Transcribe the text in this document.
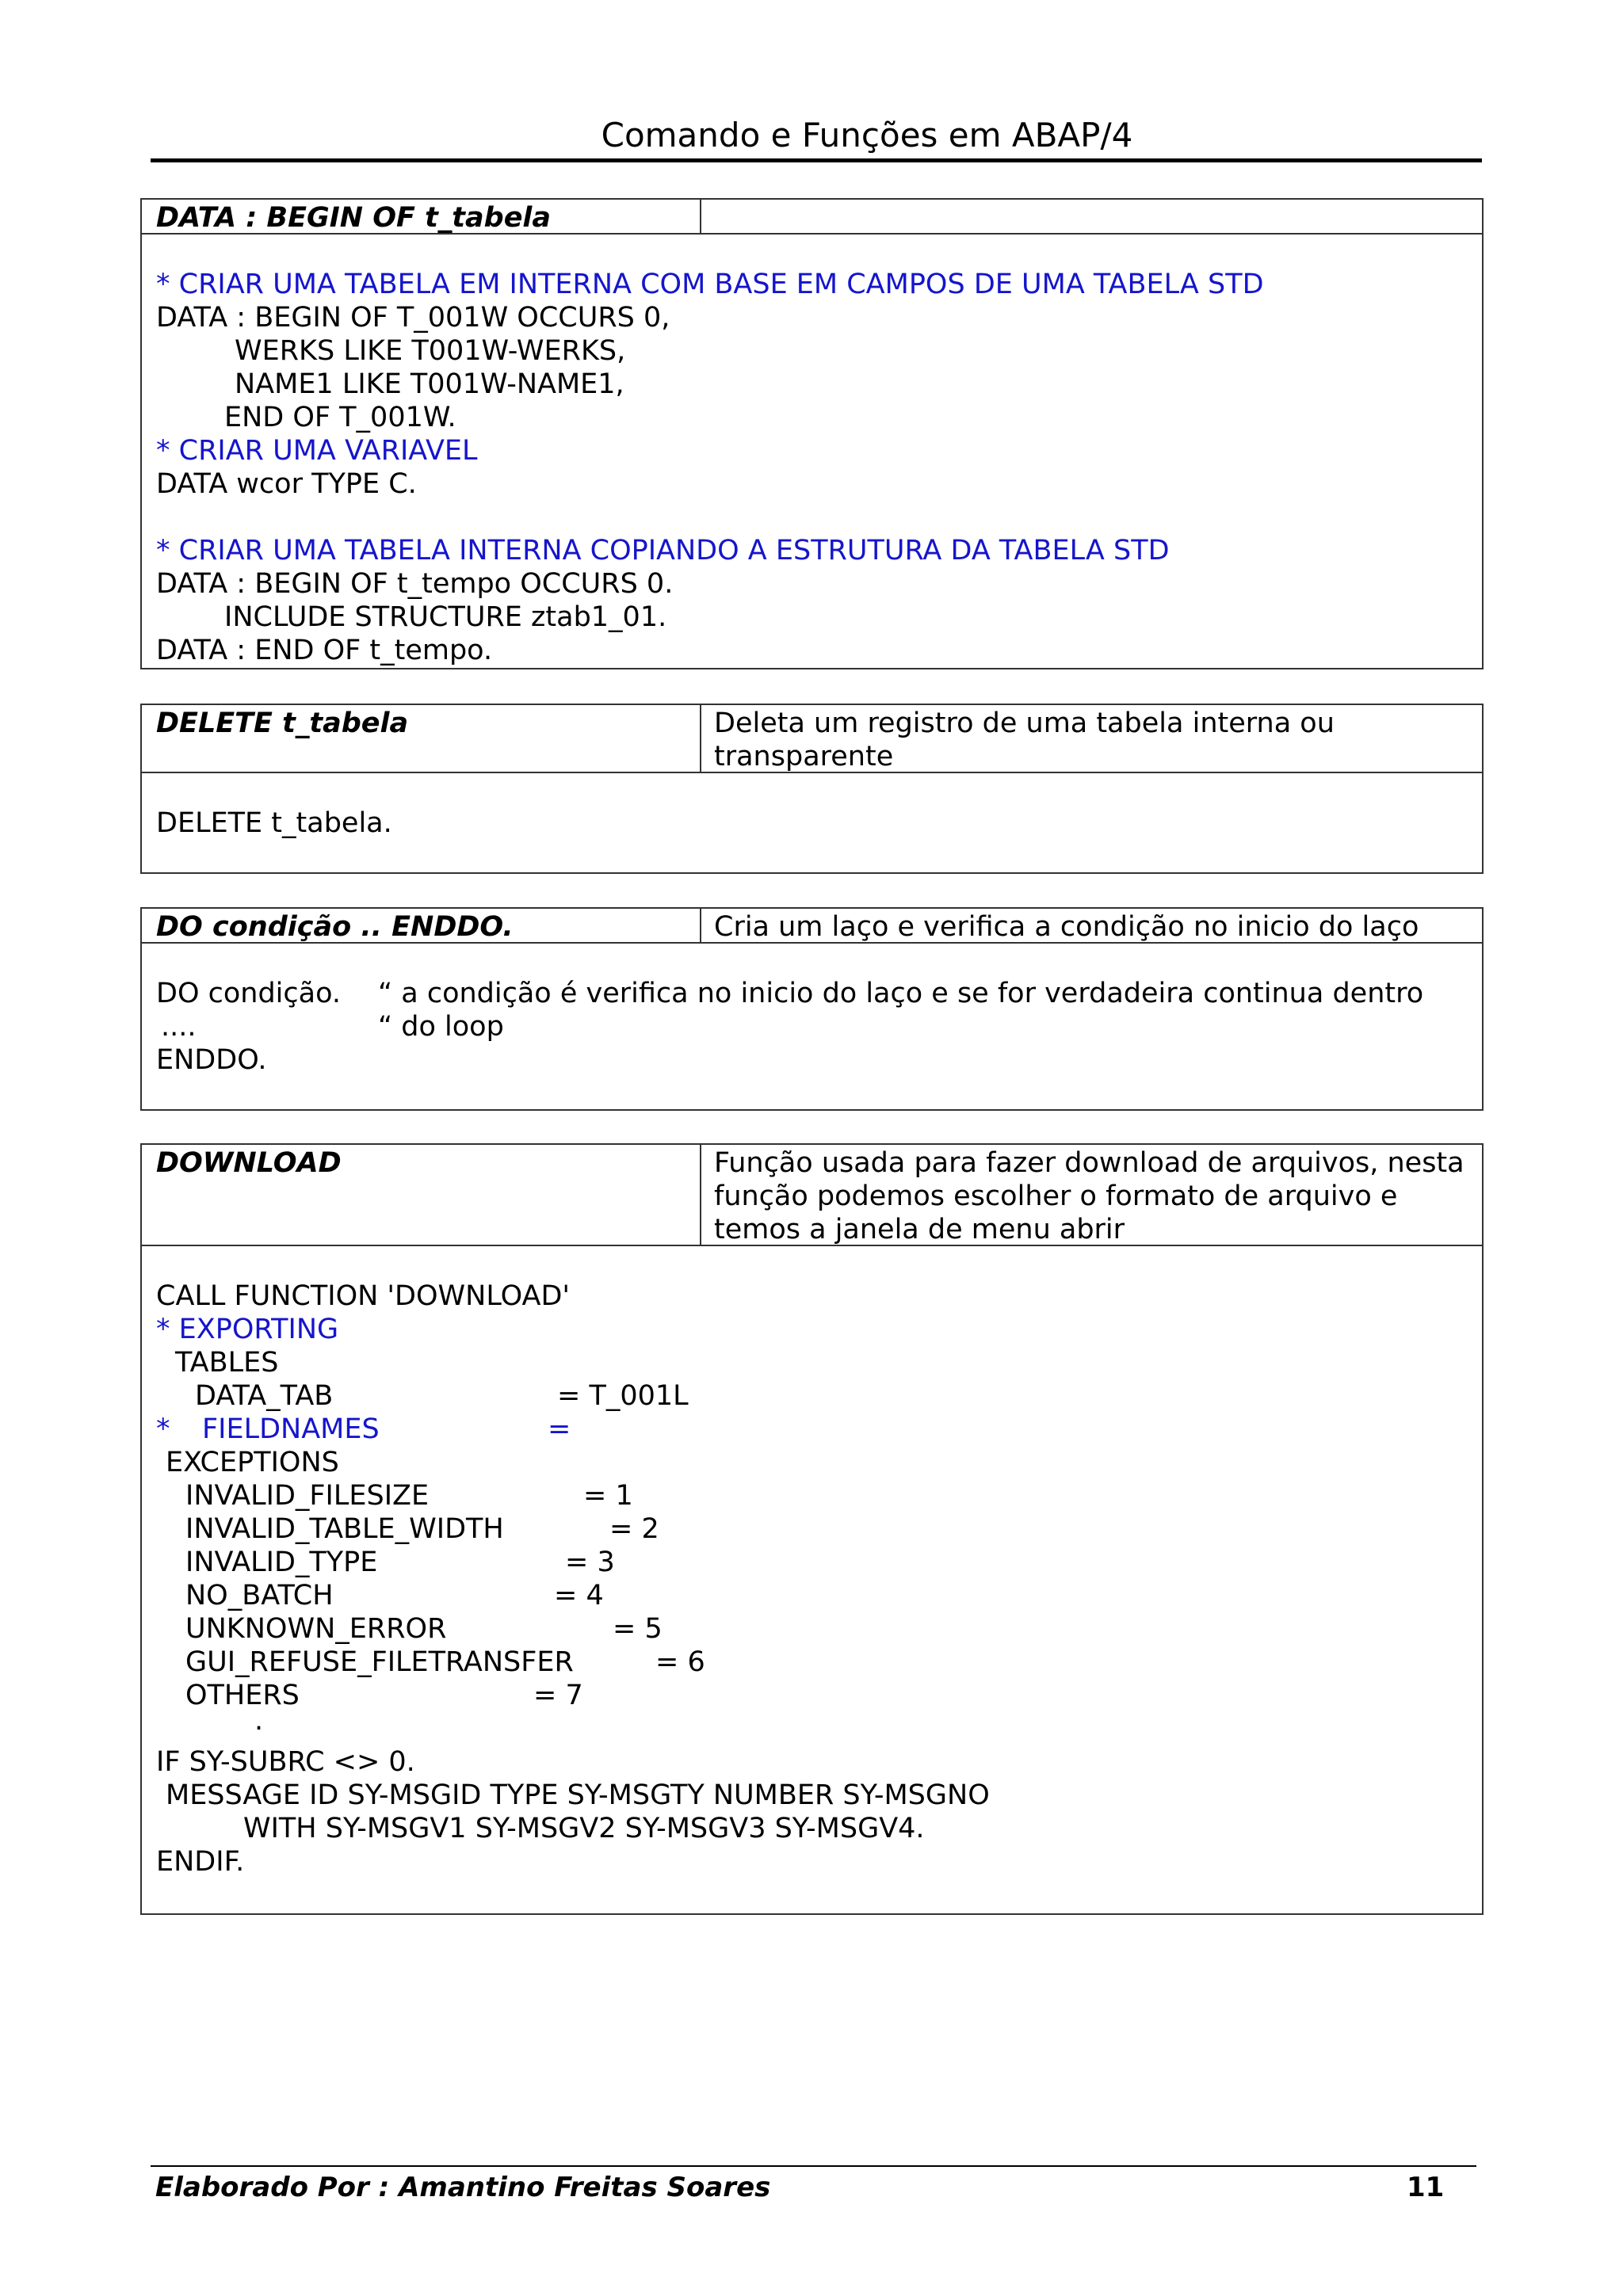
Comando e Funções em ABAP/4
DATA : BEGIN OF t_tabela
* CRIAR UMA TABELA EM INTERNA COM BASE EM CAMPOS DE UMA TABELA STD
DATA : BEGIN OF T_001W OCCURS 0,
WERKS LIKE T001W-WERKS,
NAME1 LIKE T001W-NAME1,
END OF T_001W.
* CRIAR UMA VARIAVEL
DATA wcor TYPE C.
* CRIAR UMA TABELA INTERNA COPIANDO A ESTRUTURA DA TABELA STD
DATA : BEGIN OF t_tempo OCCURS 0.
INCLUDE STRUCTURE ztab1_01.
DATA : END OF t_tempo.
DELETE t_tabela	Deleta um registro de uma tabela interna ou transparente
DELETE t_tabela.
DO condição .. ENDDO.	Cria um laço e verifica a condição no inicio do laço
DO condição. “ a condição é verifica no inicio do laço e se for verdadeira continua dentro
....	“ do loop
ENDDO.
DOWNLOAD	Função usada para fazer download de arquivos, nesta função podemos escolher o formato de arquivo e temos a janela de menu abrir
CALL FUNCTION 'DOWNLOAD'
* EXPORTING
TABLES
DATA_TAB	= T_001L
* FIELDNAMES	=
EXCEPTIONS
INVALID_FILESIZE	= 1
INVALID_TABLE_WIDTH	= 2
INVALID_TYPE	= 3
NO_BATCH	= 4
UNKNOWN_ERROR	= 5
GUI_REFUSE_FILETRANSFER	= 6
OTHERS	= 7
.
IF SY-SUBRC <> 0.
MESSAGE ID SY-MSGID TYPE SY-MSGTY NUMBER SY-MSGNO
WITH SY-MSGV1 SY-MSGV2 SY-MSGV3 SY-MSGV4.
ENDIF.
Elaborado Por : Amantino Freitas Soares	11
